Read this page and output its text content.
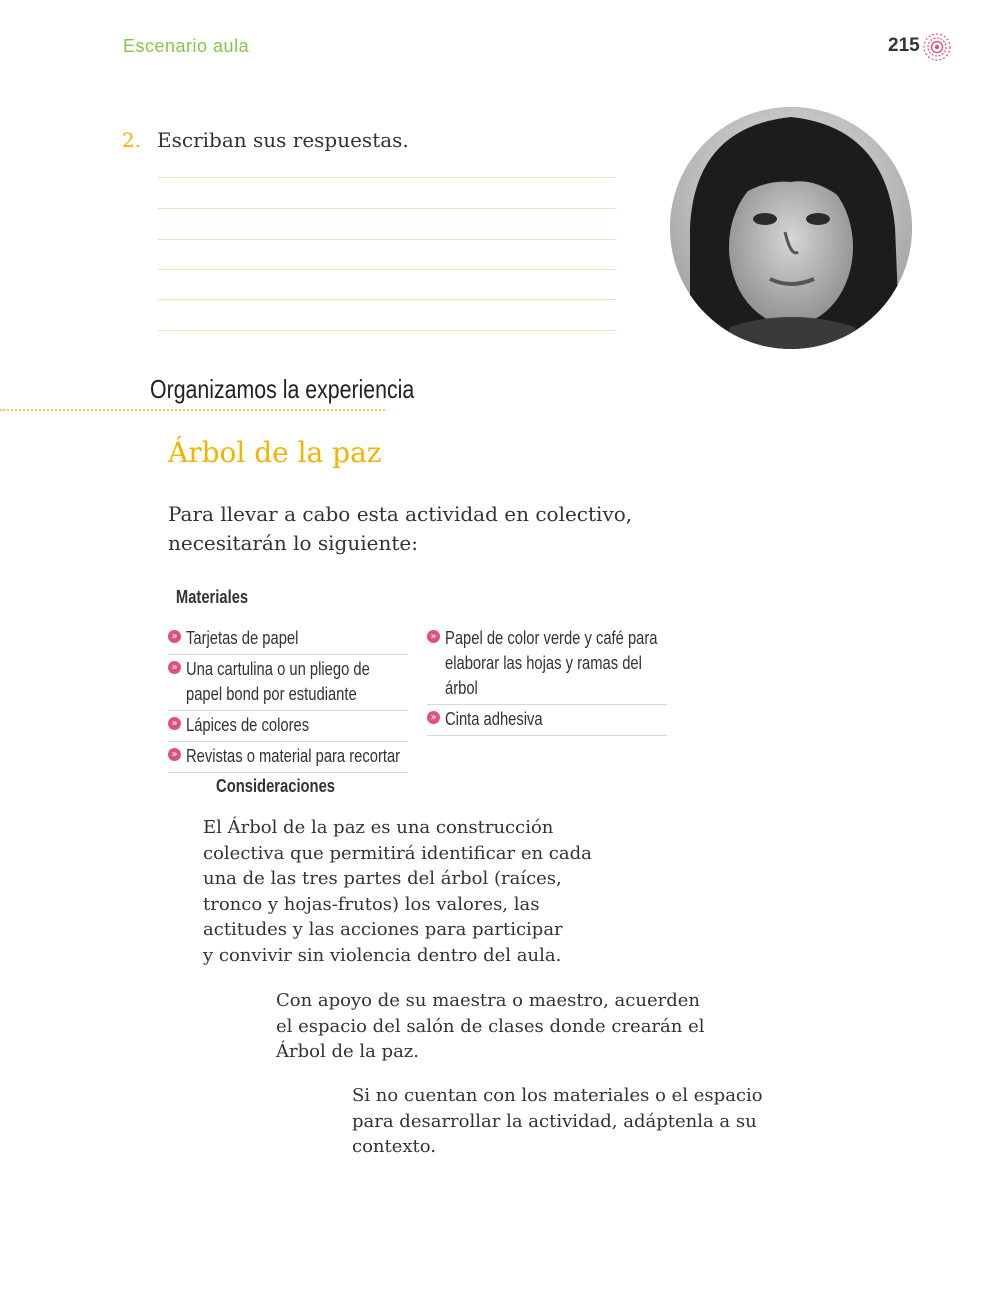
Escenario aula	215
2. Escriban sus respuestas.
Organizamos la experiencia
Árbol de la paz
Para llevar a cabo esta actividad en colectivo,
necesitarán lo siguiente:
Materiales
» Tarjetas de papel
» Una cartulina o un pliego de
papel bond por estudiante
» Lápices de colores
» Revistas o material para recortar
» Papel de color verde y café para
elaborar las hojas y ramas del
árbol
» Cinta adhesiva
Consideraciones
El Árbol de la paz es una construcción
colectiva que permitirá identificar en cada
una de las tres partes del árbol (raíces,
tronco y hojas-frutos) los valores, las
actitudes y las acciones para participar
y convivir sin violencia dentro del aula.
Con apoyo de su maestra o maestro, acuerden
el espacio del salón de clases donde crearán el
Árbol de la paz.
Si no cuentan con los materiales o el espacio
para desarrollar la actividad, adáptenla a su
contexto.
